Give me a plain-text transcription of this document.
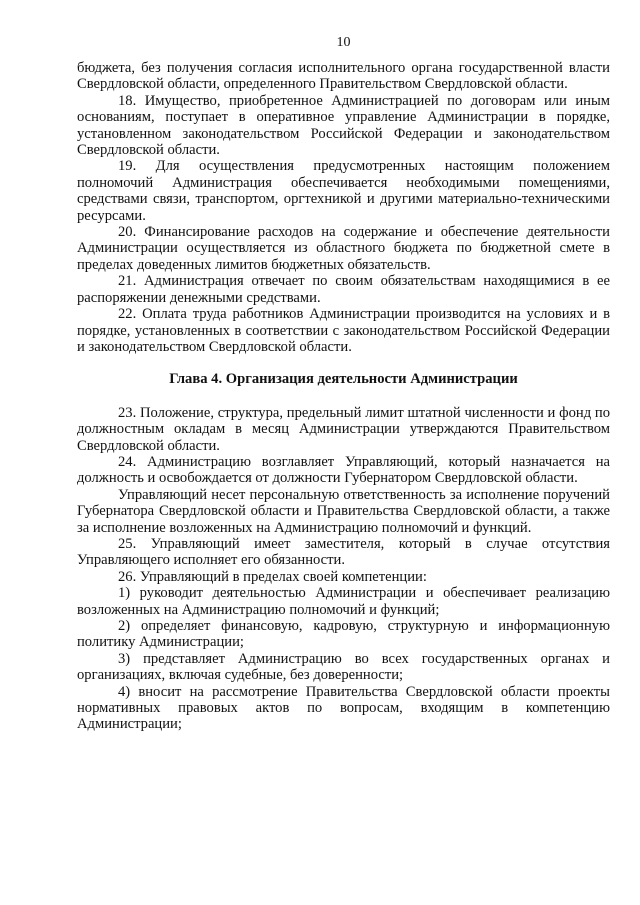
10

бюджета, без получения согласия исполнительного органа государственной власти Свердловской области, определенного Правительством Свердловской области.

18. Имущество, приобретенное Администрацией по договорам или иным основаниям, поступает в оперативное управление Администрации в порядке, установленном законодательством Российской Федерации и законодательством Свердловской области.

19. Для осуществления предусмотренных настоящим положением полномочий Администрация обеспечивается необходимыми помещениями, средствами связи, транспортом, оргтехникой и другими материально-техническими ресурсами.

20. Финансирование расходов на содержание и обеспечение деятельности Администрации осуществляется из областного бюджета по бюджетной смете в пределах доведенных лимитов бюджетных обязательств.

21. Администрация отвечает по своим обязательствам находящимися в ее распоряжении денежными средствами.

22. Оплата труда работников Администрации производится на условиях и в порядке, установленных в соответствии с законодательством Российской Федерации и законодательством Свердловской области.

Глава 4. Организация деятельности Администрации

23. Положение, структура, предельный лимит штатной численности и фонд по должностным окладам в месяц Администрации утверждаются Правительством Свердловской области.

24. Администрацию возглавляет Управляющий, который назначается на должность и освобождается от должности Губернатором Свердловской области.

Управляющий несет персональную ответственность за исполнение поручений Губернатора Свердловской области и Правительства Свердловской области, а также за исполнение возложенных на Администрацию полномочий и функций.

25. Управляющий имеет заместителя, который в случае отсутствия Управляющего исполняет его обязанности.

26. Управляющий в пределах своей компетенции:

1) руководит деятельностью Администрации и обеспечивает реализацию возложенных на Администрацию полномочий и функций;

2) определяет финансовую, кадровую, структурную и информационную политику Администрации;

3) представляет Администрацию во всех государственных органах и организациях, включая судебные, без доверенности;

4) вносит на рассмотрение Правительства Свердловской области проекты нормативных правовых актов по вопросам, входящим в компетенцию Администрации;
